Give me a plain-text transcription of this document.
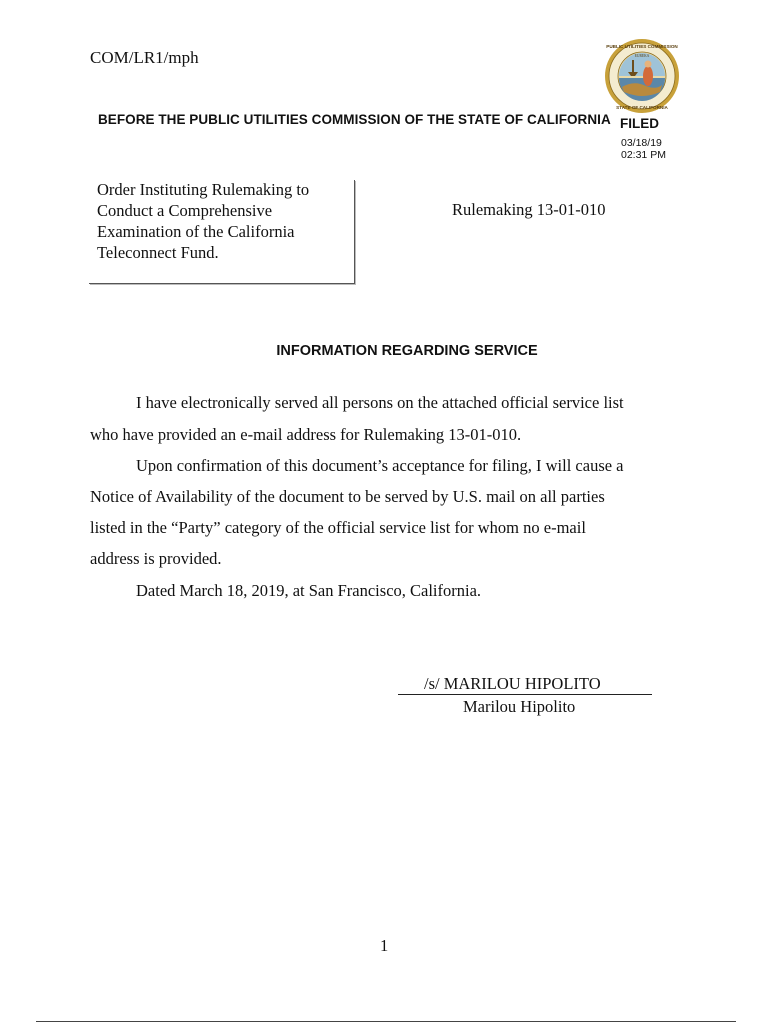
COM/LR1/mph
PUBLIC UTILITIES COMMISSION
STATE OF CALIFORNIA
EUREKA
BEFORE THE PUBLIC UTILITIES COMMISSION OF THE STATE OF CALIFORNIA FILED
03/18/19
02:31 PM
Order Instituting Rulemaking to
Conduct a Comprehensive
Examination of the California
Teleconnect Fund.
Rulemaking 13-01-010
INFORMATION REGARDING SERVICE
I have electronically served all persons on the attached official service list
who have provided an e-mail address for Rulemaking 13-01-010.
Upon confirmation of this document’s acceptance for filing, I will cause a
Notice of Availability of the document to be served by U.S. mail on all parties
listed in the “Party” category of the official service list for whom no e-mail
address is provided.
Dated March 18, 2019, at San Francisco, California.
/s/ MARILOU HIPOLITO
Marilou Hipolito
1
